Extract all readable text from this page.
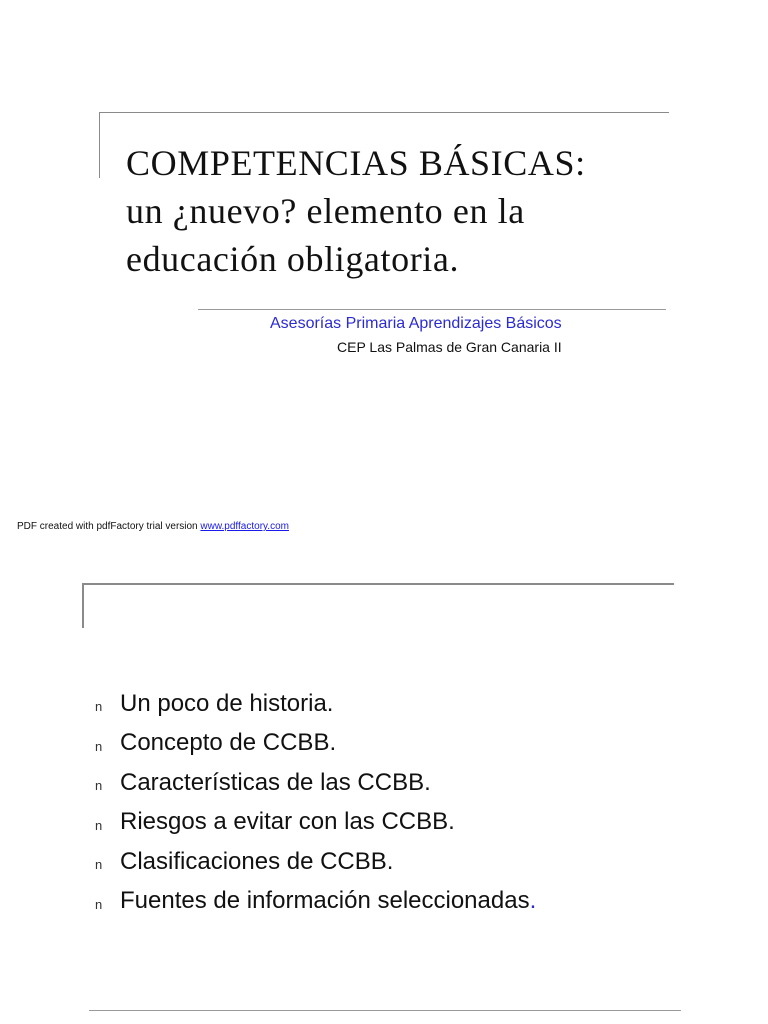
COMPETENCIAS BÁSICAS:
un ¿nuevo? elemento en la
educación obligatoria.
Asesorías Primaria Aprendizajes Básicos
CEP Las Palmas de Gran Canaria II
PDF created with pdfFactory trial version www.pdffactory.com
n Un poco de historia.
n Concepto de CCBB.
n Características de las CCBB.
n Riesgos a evitar con las CCBB.
n Clasificaciones de CCBB.
n Fuentes de información seleccionadas.
